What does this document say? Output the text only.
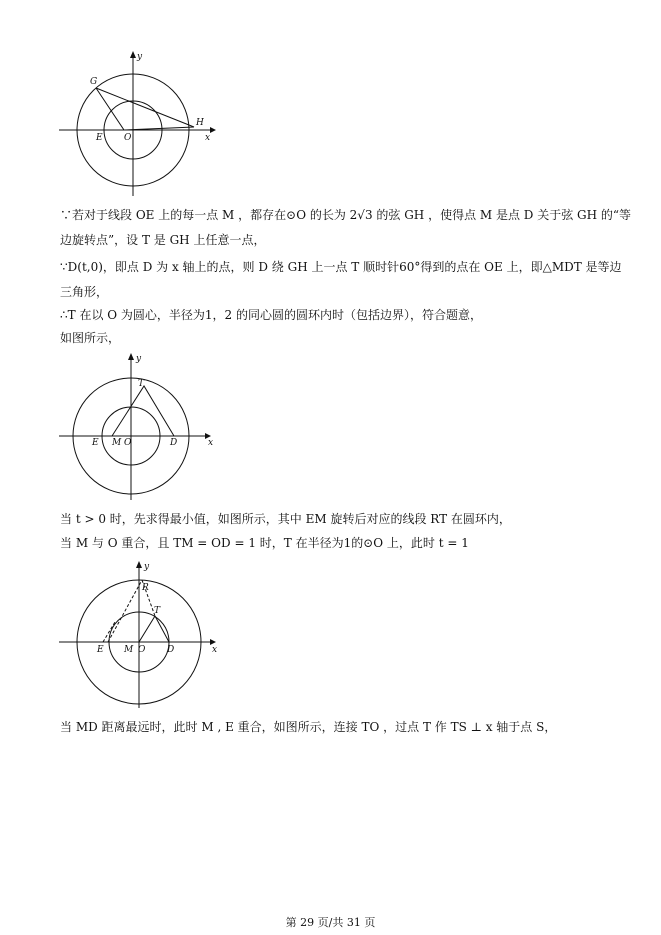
y
x
G
H
E O
∵若对于线段 OE 上的每一点 M ，都存在⊙O 的长为 2√3 的弦 GH ，使得点 M 是点 D 关于弦 GH 的“等
边旋转点”，设 T 是 GH 上任意一点，
∵D(t,0)，即点 D 为 x 轴上的点，则 D 绕 GH 上一点 T 顺时针60°得到的点在 OE 上，即△MDT 是等边
三角形，
∴T 在以 O 为圆心，半径为1，2 的同心圆的圆环内时（包括边界），符合题意，
如图所示，
y
x
T
E M O	D
当 t > 0 时，先求得最小值，如图所示，其中 EM 旋转后对应的线段 RT 在圆环内，
当 M 与 O 重合，且 TM = OD = 1 时，T 在半径为1的⊙O 上，此时 t = 1
y
x
R
T
E M O D
当 MD 距离最远时，此时 M , E 重合，如图所示，连接 TO ，过点 T 作 TS ⊥ x 轴于点 S，
第 29 页/共 31 页
